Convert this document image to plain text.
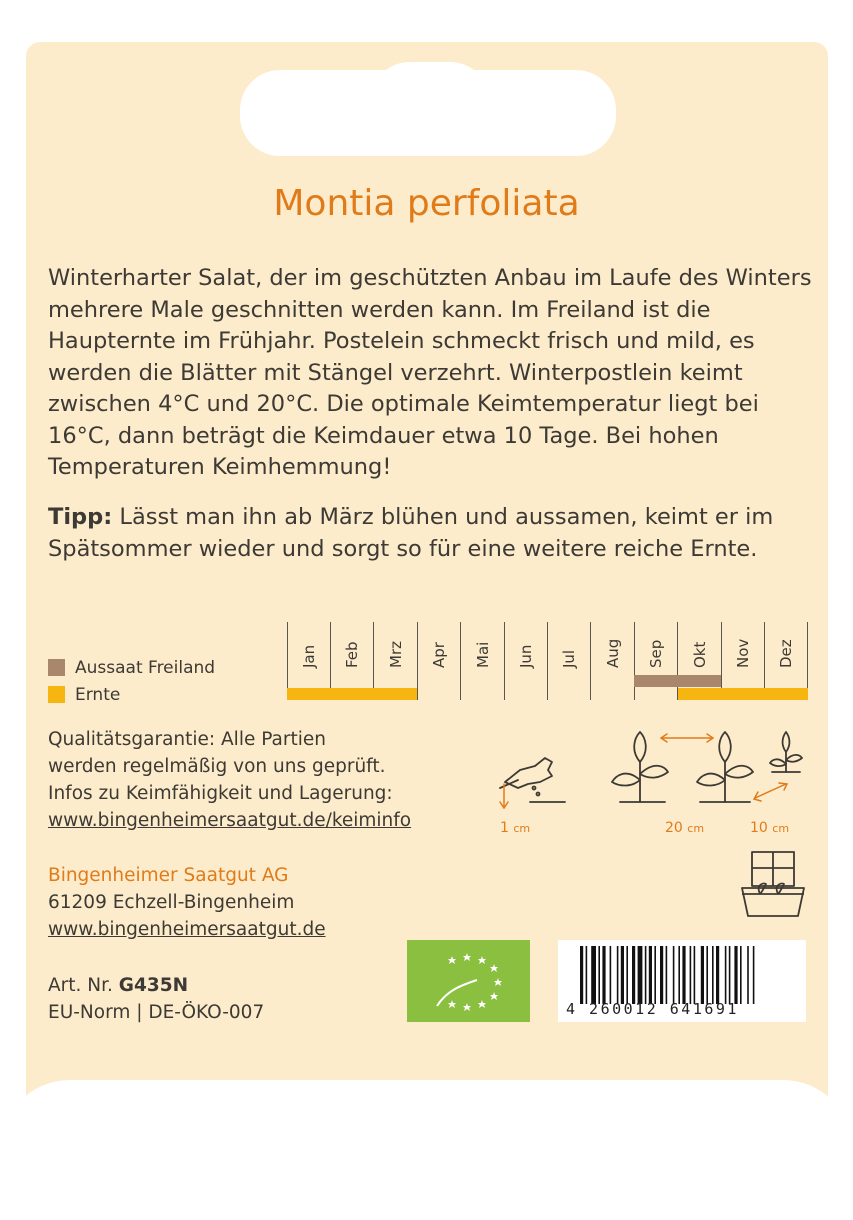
Montia perfoliata
Winterharter Salat, der im geschützten Anbau im Laufe des Winters mehrere Male geschnitten werden kann. Im Freiland ist die Haupternte im Frühjahr. Postelein schmeckt frisch und mild, es werden die Blätter mit Stängel verzehrt. Winterpostlein keimt zwischen 4°C und 20°C. Die optimale Keimtemperatur liegt bei 16°C, dann beträgt die Keimdauer etwa 10 Tage. Bei hohen Temperaturen Keimhemmung!
Tipp: Lässt man ihn ab März blühen und aussamen, keimt er im Spätsommer wieder und sorgt so für eine weitere reiche Ernte.
Aussaat Freiland
Ernte
Jan Feb Mrz Apr Mai Jun Jul Aug Sep Okt Nov Dez
Qualitätsgarantie: Alle Partien
werden regelmäßig von uns geprüft.
Infos zu Keimfähigkeit und Lagerung:
www.bingenheimersaatgut.de/keiminfo	1 cm	20 cm	10 cm
Bingenheimer Saatgut AG
61209 Echzell-Bingenheim
www.bingenheimersaatgut.de
Art. Nr. G435N
EU-Norm | DE-ÖKO-007	4 260012 641691
